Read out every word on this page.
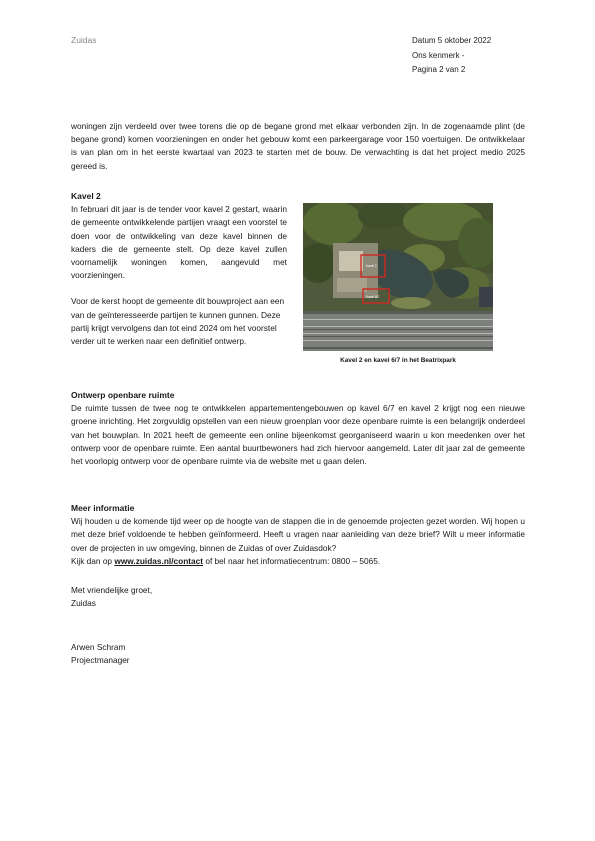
Zuidas	Datum 5 oktober 2022
Ons kenmerk -
Pagina 2 van 2
woningen zijn verdeeld over twee torens die op de begane grond met elkaar verbonden zijn. In de zogenaamde plint (de begane grond) komen voorzieningen en onder het gebouw komt een parkeergarage voor 150 voertuigen. De ontwikkelaar is van plan om in het eerste kwartaal van 2023 te starten met de bouw. De verwachting is dat het project medio 2025 gereed is.

Kavel 2

In februari dit jaar is de tender voor kavel 2 gestart, waarin de gemeente ontwikkelende partijen vraagt een voorstel te doen voor de ontwikkeling van deze kavel binnen de kaders die de gemeente stelt. Op deze kavel zullen voornamelijk woningen komen, aangevuld met voorzieningen.

Voor de kerst hoopt de gemeente dit bouwproject aan een van de geïnteresseerde partijen te kunnen gunnen. Deze partij krijgt vervolgens dan tot eind 2024 om het voorstel verder uit te werken naar een definitief ontwerp.

Kavel 2
Kavel 6/7
Kavel 2 en kavel 6/7 in het Beatrixpark

Ontwerp openbare ruimte

De ruimte tussen de twee nog te ontwikkelen appartementengebouwen op kavel 6/7 en kavel 2 krijgt nog een nieuwe groene inrichting. Het zorgvuldig opstellen van een nieuw groenplan voor deze openbare ruimte is een belangrijk onderdeel van het bouwplan. In 2021 heeft de gemeente een online bijeenkomst georganiseerd waarin u kon meedenken over het ontwerp voor de openbare ruimte. Een aantal buurtbewoners had zich hiervoor aangemeld. Later dit jaar zal de gemeente het voorlopig ontwerp voor de openbare ruimte via de website met u gaan delen.

Meer informatie

Wij houden u de komende tijd weer op de hoogte van de stappen die in de genoemde projecten gezet worden. Wij hopen u met deze brief voldoende te hebben geïnformeerd. Heeft u vragen naar aanleiding van deze brief? Wilt u meer informatie over de projecten in uw omgeving, binnen de Zuidas of over Zuidasdok?

Kijk dan op www.zuidas.nl/contact of bel naar het informatiecentrum: 0800 – 5065.

Met vriendelijke groet,

Zuidas

Arwen Schram

Projectmanager
